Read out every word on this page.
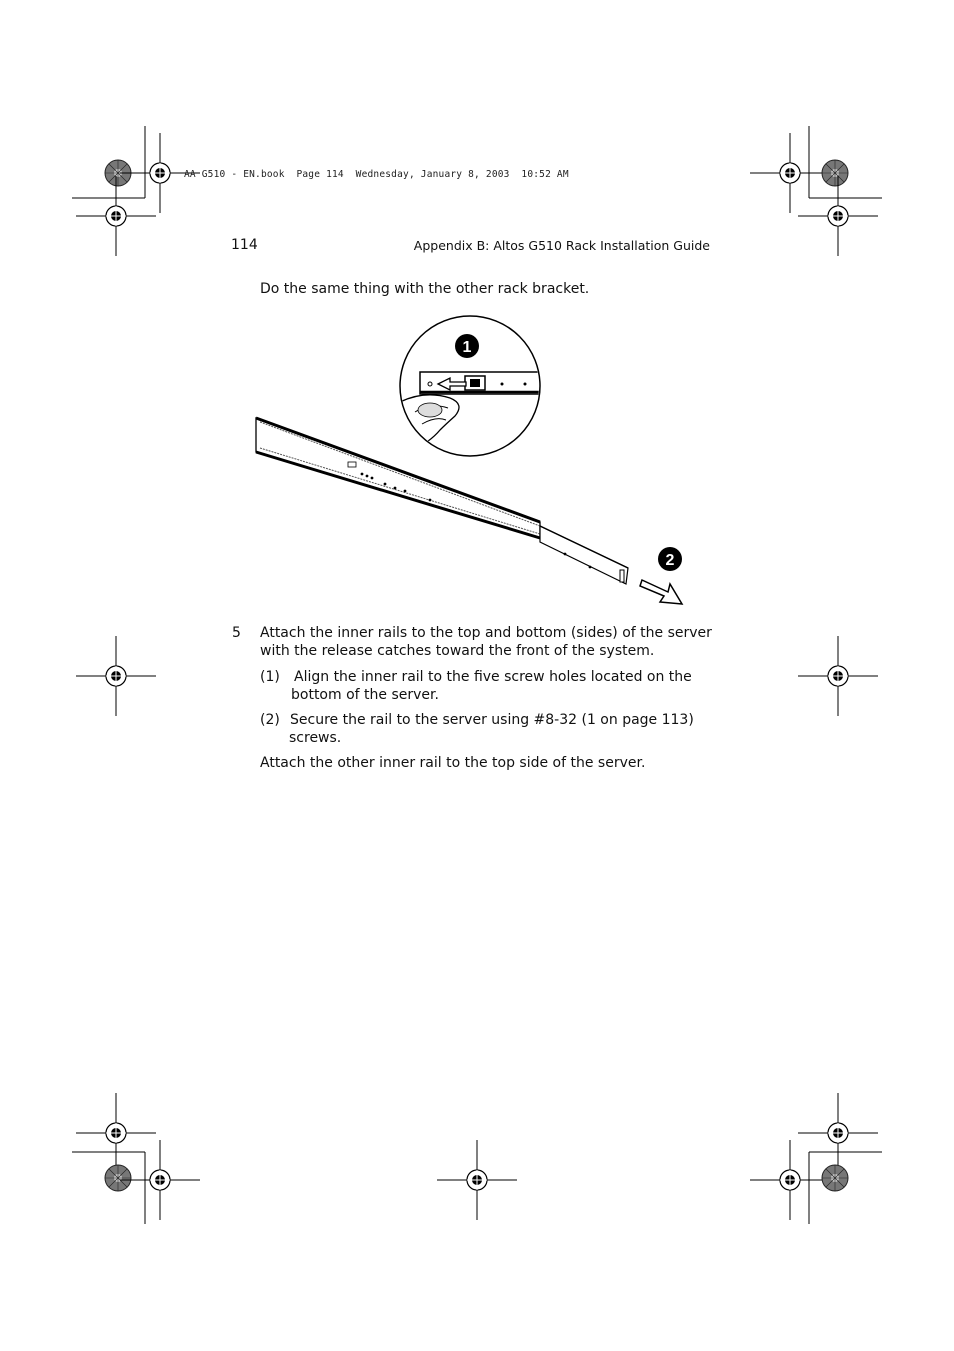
AA G510 - EN.book  Page 114  Wednesday, January 8, 2003  10:52 AM
114	Appendix B: Altos G510 Rack Installation Guide
Do the same thing with the other rack bracket.
1
2
5 Attach the inner rails to the top and bottom (sides) of the server
with the release catches toward the front of the system.
(1) Align the inner rail to the five screw holes located on the
bottom of the server.
(2) Secure the rail to the server using #8-32 (1 on page 113)
screws.
Attach the other inner rail to the top side of the server.
